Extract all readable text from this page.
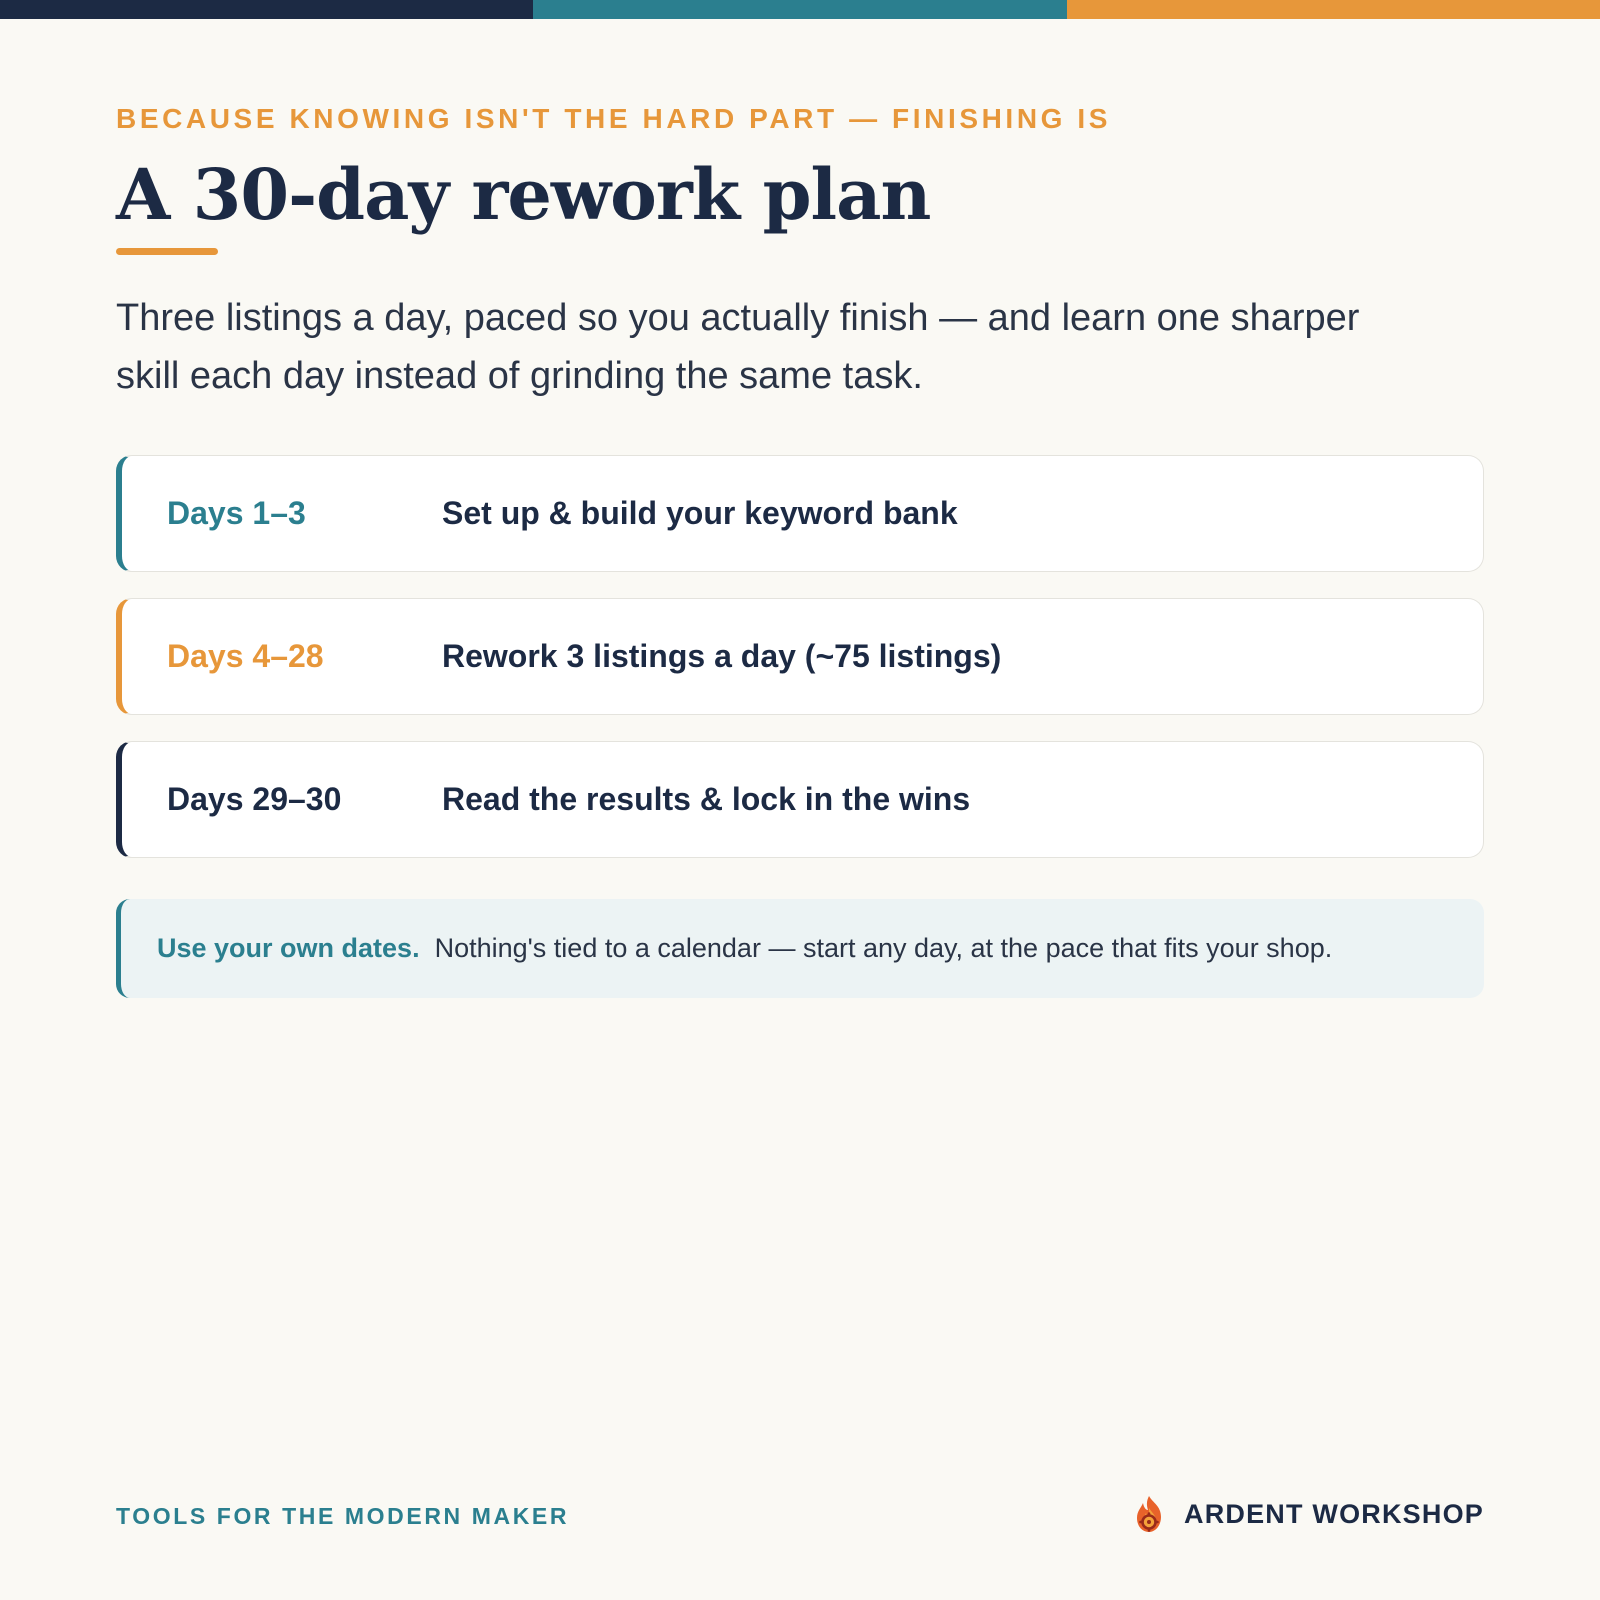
BECAUSE KNOWING ISN'T THE HARD PART — FINISHING IS
A 30-day rework plan

Three listings a day, paced so you actually finish — and learn one sharper skill each day instead of grinding the same task.

Days 1–3	Set up & build your keyword bank
Days 4–28	Rework 3 listings a day (~75 listings)
Days 29–30	Read the results & lock in the wins
Use your own dates. Nothing's tied to a calendar — start any day, at the pace that fits your shop.
TOOLS FOR THE MODERN MAKER	ARDENT WORKSHOP
